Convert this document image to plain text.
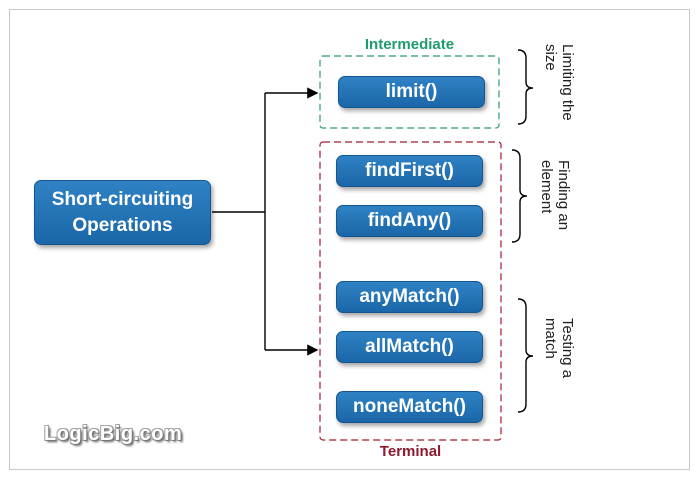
Short-circuiting
Operations
Intermediate
limit()
findFirst()
findAny()
anyMatch()
allMatch()
noneMatch()
Terminal
Limiting the
size
Finding an
element
Testing a
match
LogicBig.com
